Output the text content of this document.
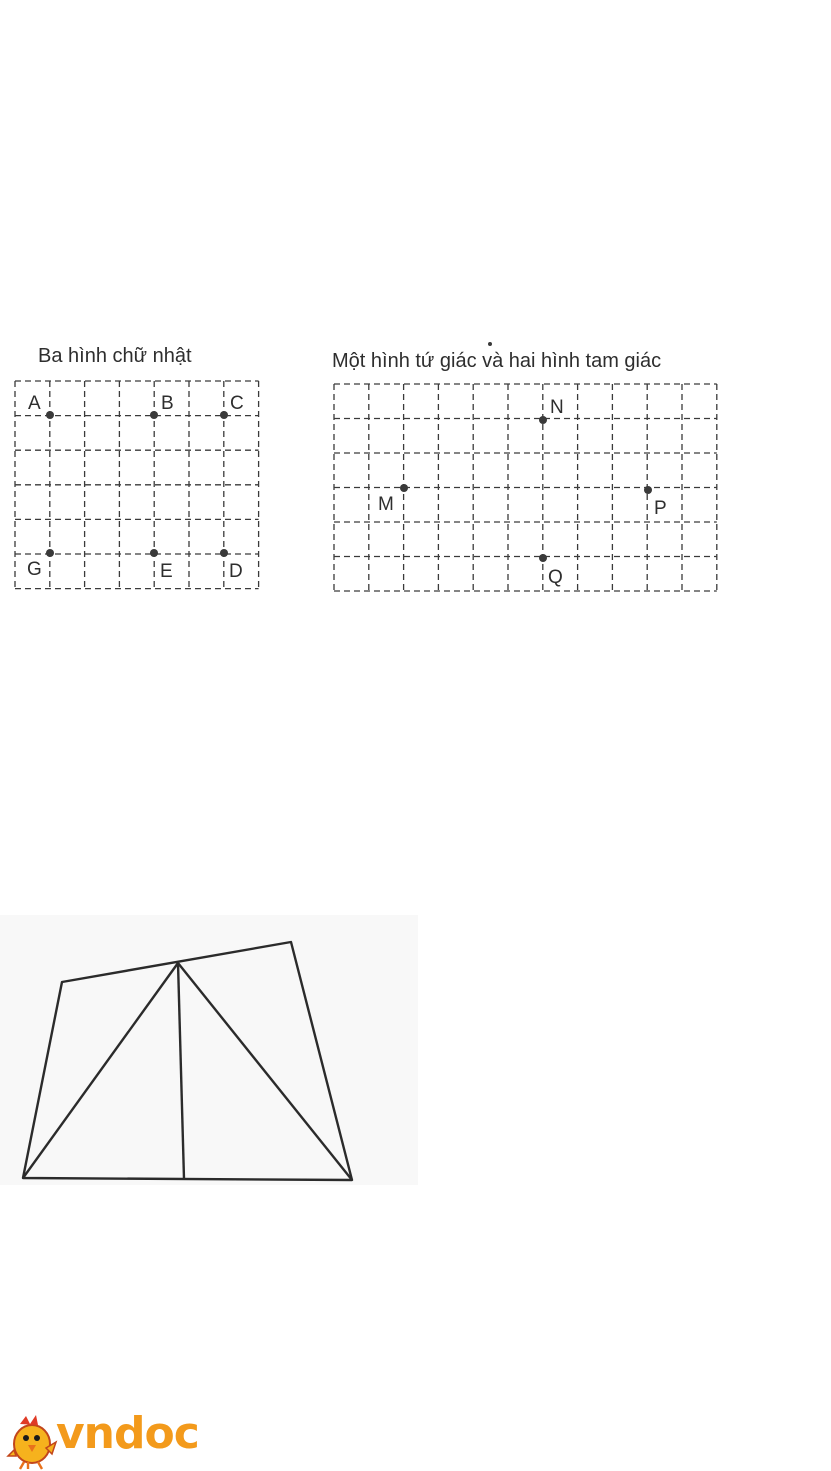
Ba hình chữ nhật	Một hình tứ giác và hai hình tam giác
A	B	C
G	E	D
N
M	P
Q
vndoc
